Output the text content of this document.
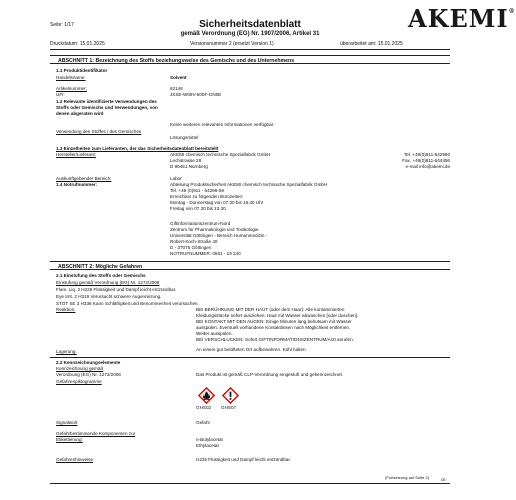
AKEMI®
Seite: 1/17	Sicherheitsdatenblatt
gemäß Verordnung (EG) Nr. 1907/2006, Artikel 31
Druckdatum: 15.01.2025	Versionsnummer 2 (ersetzt Version 1)	überarbeitet am: 15.01.2025
ABSCHNITT 1: Bezeichnung des Stoffs beziehungsweise des Gemischs und des Unternehmens
1.1 Produktidentifikator
Handelsname:	Solvent
Artikelnummer:	62146
UFI:	JXSE-W09V-500F-GN0E
1.2 Relevante identifizierte Verwendungen des Stoffs oder Gemischs und Verwendungen, von denen abgeraten wird
Keine weiteren relevanten Informationen verfügbar.
Verwendung des Stoffes / des Gemisches
Lösungsmittel
1.3 Einzelheiten zum Lieferanten, der das Sicherheitsdatenblatt bereitstellt
Hersteller/Lieferant:	AKEMI chemisch technische Spezialfabrik GmbH
Lechstrasse 28
D 90451 Nürnberg
Tel. +49(0)911-642960
Fax. +49(0)911-644456
e-mail info@akemi.de
Auskunftgebender Bereich:	Labor
1.4 Notrufnummer:	Abteilung Produktsicherheit AKEMI chemisch technische Spezialfabrik GmbH
Tel. +49 (0)911 - 64296-59
Erreichbar zu folgenden Bürozeiten:
Montag - Donnerstag von 07.30 bis 16.30 Uhr
Freitag von 07.30 bis 13.30
Giftinformationszentrum-Nord
Zentrum für Pharmakologie und Toxikologie
Universität Göttingen - Bereich Humanmedizin -
Robert-Koch-Straße 40
D - 37075 Göttingen
NOTRUFNUMMER: 0551 - 19 240
ABSCHNITT 2: Mögliche Gefahren
2.1 Einstufung des Stoffs oder Gemischs
Einstufung gemäß Verordnung (EG) Nr. 1272/2008
Flam. Liq. 2 H225 Flüssigkeit und Dampf leicht entzündbar.
Eye Irrit. 2 H319 Verursacht schwere Augenreizung.
STOT SE 3 H336 Kann Schläfrigkeit und Benommenheit verursachen.
Reaktion:	BEI BERÜHRUNG MIT DER HAUT (oder dem Haar): Alle kontaminierten
Kleidungsstücke sofort ausziehen. Haut mit Wasser abwaschen [oder duschen].
BEI KONTAKT MIT DEN AUGEN: Einige Minuten lang behutsam mit Wasser
ausspülen. Eventuell vorhandene Kontaktlinsen nach Möglichkeit entfernen.
Weiter ausspülen.
BEI VERSCHLUCKEN: Sofort GIFTINFORMATIONSZENTRUM/Arzt anrufen.
Lagerung:	An einem gut belüfteten Ort aufbewahren. Kühl halten.
2.2 Kennzeichnungselemente
Kennzeichnung gemäß
Verordnung (EG) Nr. 1272/2008	Das Produkt ist gemäß CLP-Verordnung eingestuft und gekennzeichnet.
Gefahrenpiktogramme
GHS02 GHS07
Signalwort	Gefahr
Gefahrbestimmende Komponenten zur Etikettierung:	n-Butylacetat
Ethylacetat
Gefahrenhinweise	H225 Flüssigkeit und Dampf leicht entzündbar.
(Fortsetzung auf Seite 2)	DE
